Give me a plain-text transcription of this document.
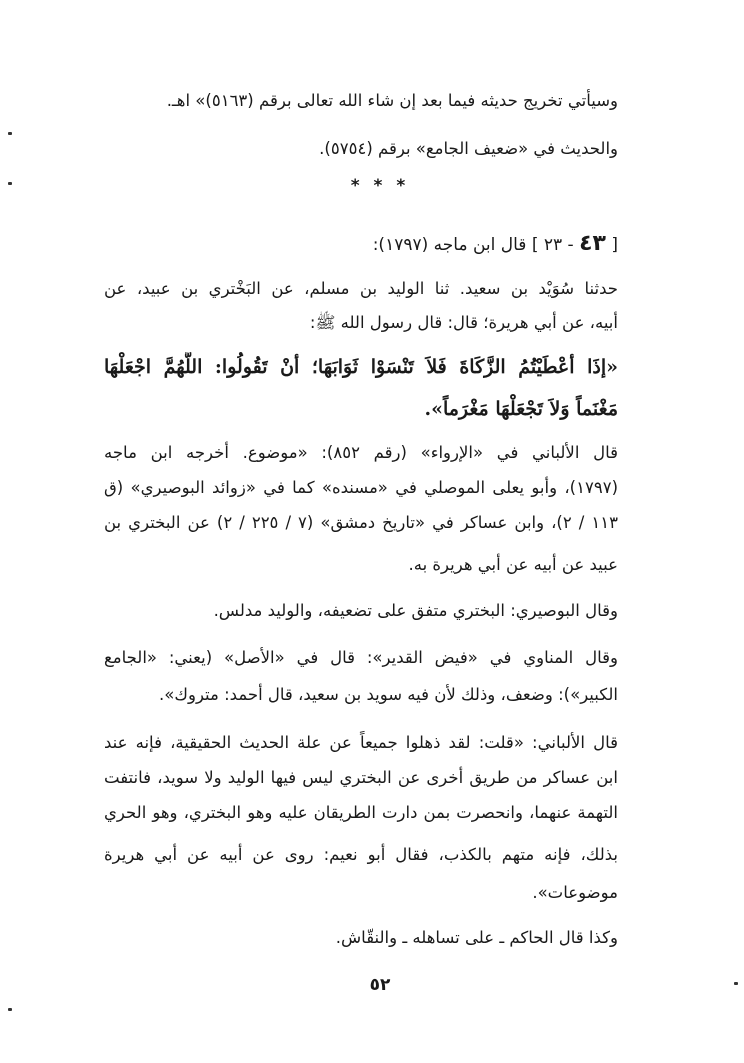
وسيأتي تخريج حديثه فيما بعد إن شاء الله تعالى برقم (٥١٦٣)» اهـ.
والحديث في «ضعيف الجامع» برقم (٥٧٥٤).
* * *
[ ٤٣ - ٢٣ ] قال ابن ماجه (١٧٩٧):
حدثنا سُوَيْد بن سعيد. ثنا الوليد بن مسلم، عن البَخْتري بن عبيد، عن
أبيه، عن أبي هريرة؛ قال: قال رسول الله ﷺ:
«إذَا أعْطَيْتُمُ الزَّكَاةَ فَلاَ تَنْسَوْا ثَوَابَهَا؛ أنْ تَقُولُوا: اللَّهُمَّ اجْعَلْهَا
مَغْنَماً وَلاَ تَجْعَلْهَا مَغْرَماً».
قال الألباني في «الإرواء» (رقم ٨٥٢): «موضوع. أخرجه ابن ماجه
(١٧٩٧)، وأبو يعلى الموصلي في «مسنده» كما في «زوائد البوصيري» (ق
١١٣ / ٢)، وابن عساكر في «تاريخ دمشق» (٧ / ٢٢٥ / ٢) عن البختري بن
عبيد عن أبيه عن أبي هريرة به.
وقال البوصيري: البختري متفق على تضعيفه، والوليد مدلس.
وقال المناوي في «فيض القدير»: قال في «الأصل» (يعني: «الجامع
الكبير»): وضعف، وذلك لأن فيه سويد بن سعيد، قال أحمد: متروك».
قال الألباني: «قلت: لقد ذهلوا جميعاً عن علة الحديث الحقيقية، فإنه عند
ابن عساكر من طريق أخرى عن البختري ليس فيها الوليد ولا سويد، فانتفت
التهمة عنهما، وانحصرت بمن دارت الطريقان عليه وهو البختري، وهو الحري
بذلك، فإنه متهم بالكذب، فقال أبو نعيم: روى عن أبيه عن أبي هريرة
موضوعات».
وكذا قال الحاكم ـ على تساهله ـ والنقّاش.
٥٢
